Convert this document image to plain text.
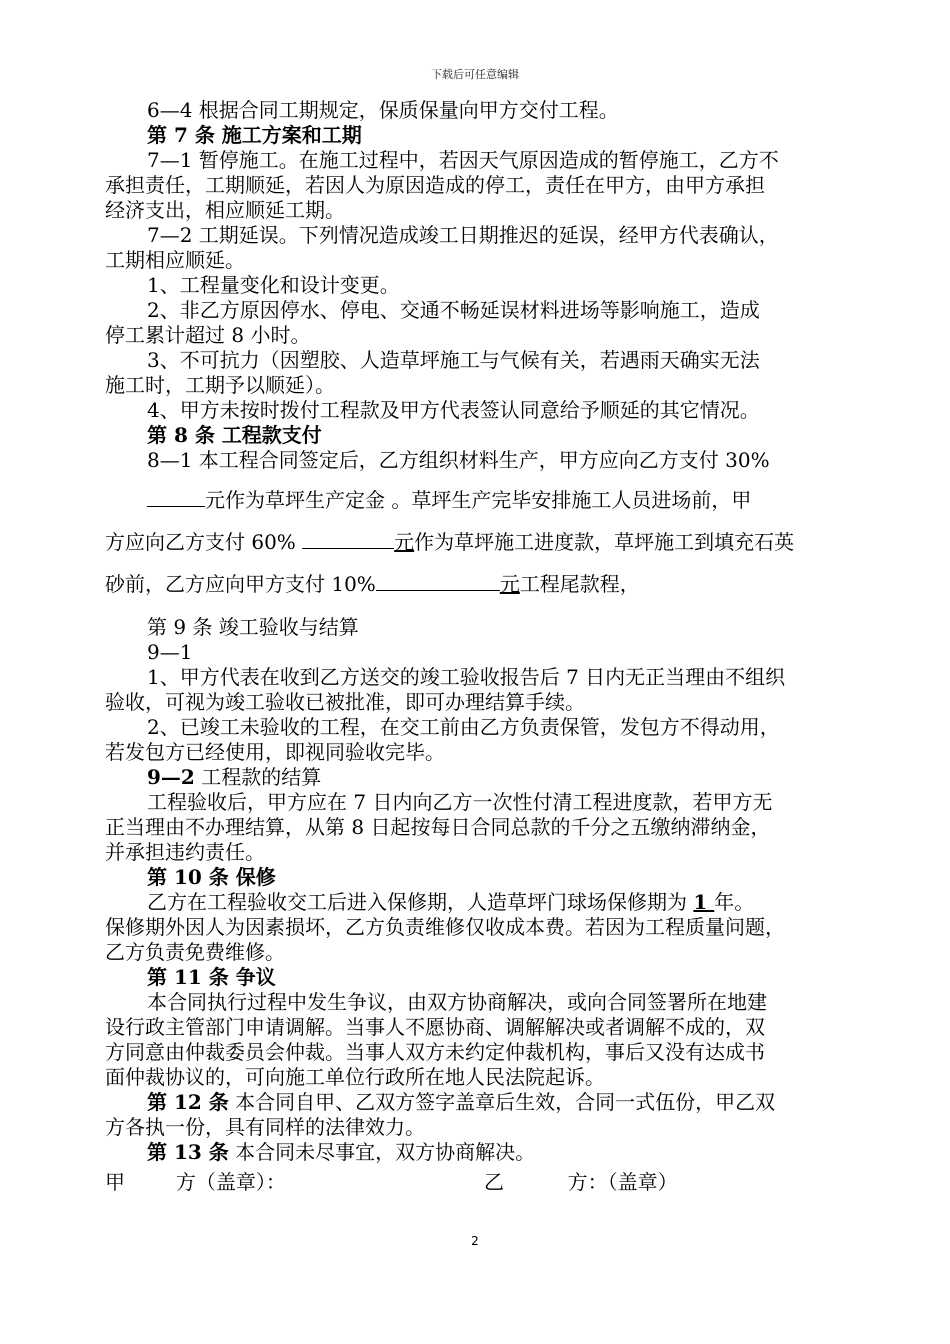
下载后可任意编辑
6—4 根据合同工期规定，保质保量向甲方交付工程。
第 7 条 施工方案和工期
7—1 暂停施工。在施工过程中，若因天气原因造成的暂停施工，乙方不
承担责任，工期顺延，若因人为原因造成的停工，责任在甲方，由甲方承担
经济支出，相应顺延工期。
7—2 工期延误。下列情况造成竣工日期推迟的延误，经甲方代表确认，
工期相应顺延。
1、工程量变化和设计变更。
2、非乙方原因停水、停电、交通不畅延误材料进场等影响施工，造成
停工累计超过 8 小时。
3、不可抗力（因塑胶、人造草坪施工与气候有关，若遇雨天确实无法
施工时，工期予以顺延）。
4、甲方未按时拨付工程款及甲方代表签认同意给予顺延的其它情况。
第 8 条 工程款支付
8—1 本工程合同签定后，乙方组织材料生产，甲方应向乙方支付 30%
元作为草坪生产定金 。草坪生产完毕安排施工人员进场前，甲
方应向乙方支付 60%	元作为草坪施工进度款，草坪施工到填充石英
砂前，乙方应向甲方支付 10%	元工程尾款程，
第 9 条 竣工验收与结算
9—1
1、甲方代表在收到乙方送交的竣工验收报告后 7 日内无正当理由不组织
验收，可视为竣工验收已被批准，即可办理结算手续。
2、已竣工未验收的工程，在交工前由乙方负责保管，发包方不得动用，
若发包方已经使用，即视同验收完毕。
9—2 工程款的结算
工程验收后，甲方应在 7 日内向乙方一次性付清工程进度款，若甲方无
正当理由不办理结算，从第 8 日起按每日合同总款的千分之五缴纳滞纳金，
并承担违约责任。
第 10 条 保修
乙方在工程验收交工后进入保修期，人造草坪门球场保修期为 1 年。
保修期外因人为因素损坏，乙方负责维修仅收成本费。若因为工程质量问题，
乙方负责免费维修。
第 11 条 争议
本合同执行过程中发生争议，由双方协商解决，或向合同签署所在地建
设行政主管部门申请调解。当事人不愿协商、调解解决或者调解不成的，双
方同意由仲裁委员会仲裁。当事人双方未约定仲裁机构，事后又没有达成书
面仲裁协议的，可向施工单位行政所在地人民法院起诉。
第 12 条 本合同自甲、乙双方签字盖章后生效，合同一式伍份，甲乙双
方各执一份，具有同样的法律效力。
第 13 条 本合同未尽事宜，双方协商解决。
甲        方（盖章）：	乙          方：（盖章）
2
